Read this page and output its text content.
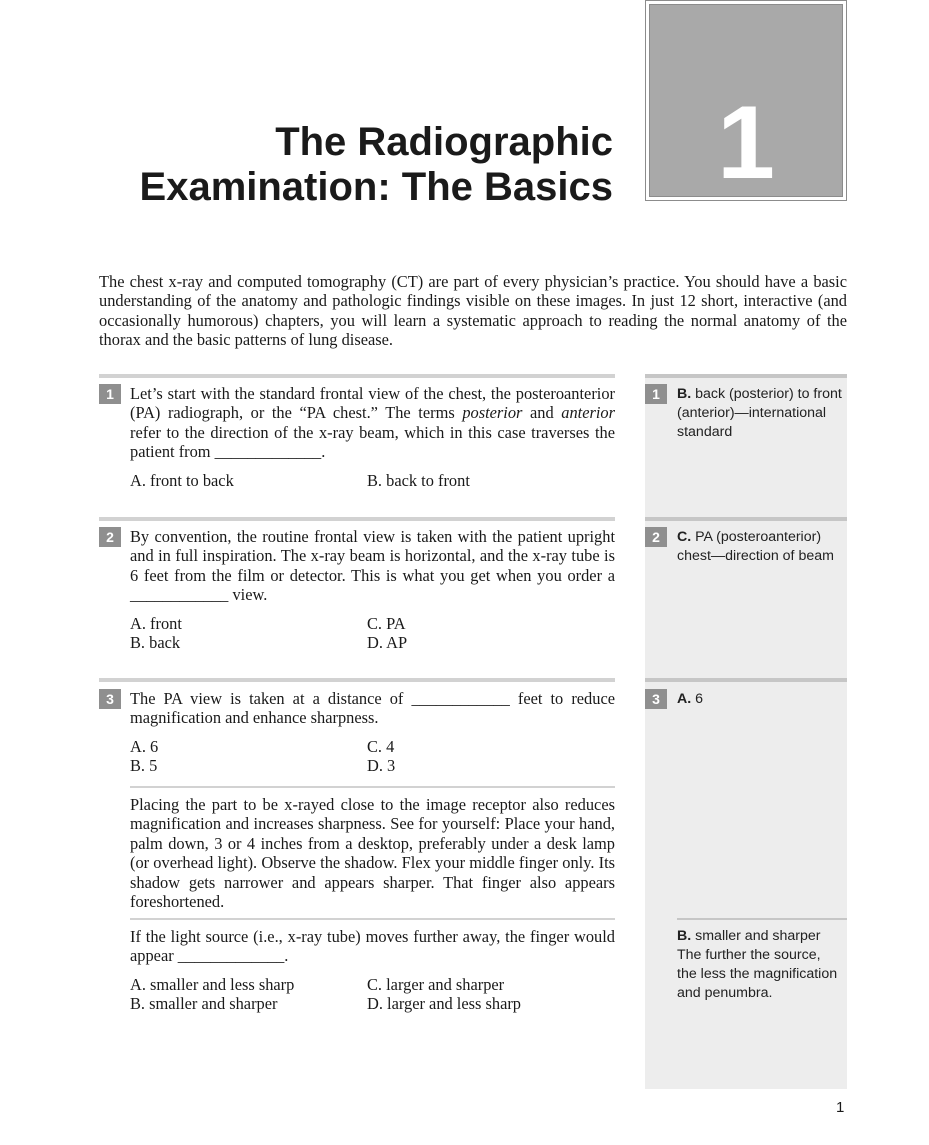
1
The Radiographic
Examination: The Basics

The chest x-ray and computed tomography (CT) are part of every physician’s practice. You should have a basic understanding of the anatomy and pathologic findings visible on these images. In just 12 short, interactive (and occasionally humorous) chapters, you will learn a systematic approach to reading the normal anatomy of the thorax and the basic patterns of lung disease.

1 Let’s start with the standard frontal view of the chest, the posteroanterior (PA) radiograph, or the “PA chest.” The terms posterior and anterior refer to the direction of the x-ray beam, which in this case traverses the patient from _____________.

A. front to back	B. back to front
1	B. back (posterior) to front (anterior)—international standard

2 By convention, the routine frontal view is taken with the patient upright and in full inspiration. The x-ray beam is horizontal, and the x-ray tube is 6 feet from the film or detector. This is what you get when you order a ____________ view.

A. front	C. PA
B. back	D. AP
2	C. PA (posteroanterior) chest—direction of beam

3 The PA view is taken at a distance of ____________ feet to reduce magnification and enhance sharpness.

A. 6	C. 4
B. 5	D. 3
3	A. 6

Placing the part to be x-rayed close to the image receptor also reduces magnification and increases sharpness. See for yourself: Place your hand, palm down, 3 or 4 inches from a desktop, preferably under a desk lamp (or overhead light). Observe the shadow. Flex your middle finger only. Its shadow gets narrower and appears sharper. That finger also appears foreshortened.

If the light source (i.e., x-ray tube) moves further away, the finger would appear _____________.

A. smaller and less sharp	C. larger and sharper
B. smaller and sharper	D. larger and less sharp

B. smaller and sharper
The further the source, the less the magnification and penumbra.

1
